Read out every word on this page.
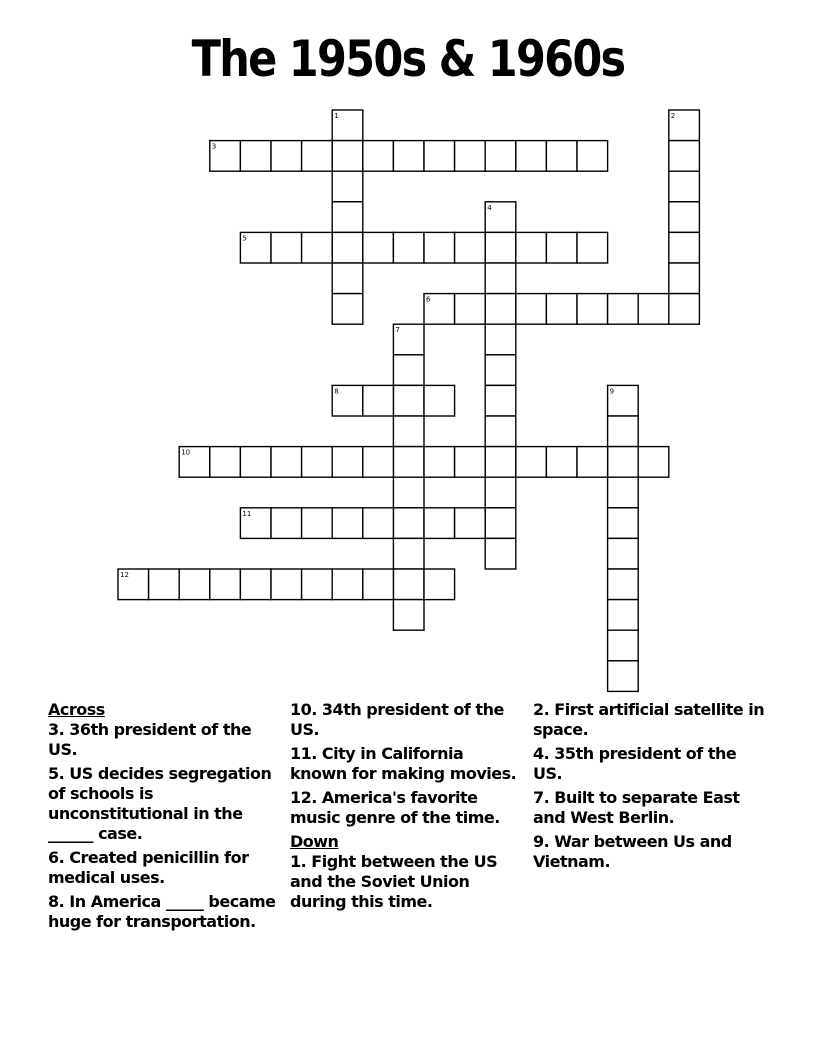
The 1950s & 1960s
1	2
3
4
5
6
7
8	9
10
11
12
Across
3. 36th president of the US.
5. US decides segregation of schools is unconstitutional in the ______ case.
6. Created penicillin for medical uses.
8. In America _____ became huge for transportation.
10. 34th president of the US.
11. City in California known for making movies.
12. America's favorite music genre of the time.
Down
1. Fight between the US and the Soviet Union during this time.
2. First artificial satellite in space.
4. 35th president of the US.
7. Built to separate East and West Berlin.
9. War between Us and Vietnam.
